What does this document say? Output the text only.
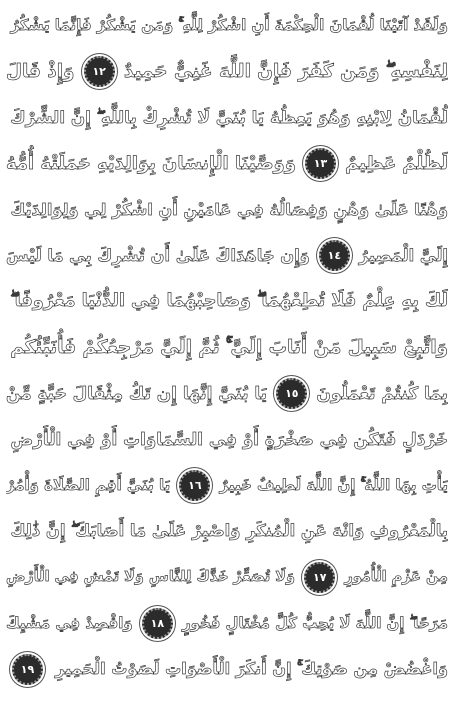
وَلَقَدْ آتَيْنَا لُقْمَانَ الْحِكْمَةَ أَنِ اشْكُرْ لِلَّهِ ۚ وَمَن يَشْكُرْ فَإِنَّمَا يَشْكُرُ
لِنَفْسِهِ ۖ وَمَن كَفَرَ فَإِنَّ اللَّهَ غَنِيٌّ حَمِيدٌ
١٢
وَإِذْ قَالَ
لُقْمَانُ لِابْنِهِ وَهُوَ يَعِظُهُ يَا بُنَيَّ لَا تُشْرِكْ بِاللَّهِ ۖ إِنَّ الشِّرْكَ
لَظُلْمٌ عَظِيمٌ
١٣
وَوَصَّيْنَا الْإِنسَانَ بِوَالِدَيْهِ حَمَلَتْهُ أُمُّهُ
وَهْنًا عَلَىٰ وَهْنٍ وَفِصَالُهُ فِي عَامَيْنِ أَنِ اشْكُرْ لِي وَلِوَالِدَيْكَ
إِلَيَّ الْمَصِيرُ
١٤
وَإِن جَاهَدَاكَ عَلَىٰ أَن تُشْرِكَ بِي مَا لَيْسَ
لَكَ بِهِ عِلْمٌ فَلَا تُطِعْهُمَا ۖ وَصَاحِبْهُمَا فِي الدُّنْيَا مَعْرُوفًا ۖ
وَاتَّبِعْ سَبِيلَ مَنْ أَنَابَ إِلَيَّ ۚ ثُمَّ إِلَيَّ مَرْجِعُكُمْ فَأُنَبِّئُكُم
بِمَا كُنتُمْ تَعْمَلُونَ
١٥
يَا بُنَيَّ إِنَّهَا إِن تَكُ مِثْقَالَ حَبَّةٍ مِّنْ
خَرْدَلٍ فَتَكُن فِي صَخْرَةٍ أَوْ فِي السَّمَاوَاتِ أَوْ فِي الْأَرْضِ
يَأْتِ بِهَا اللَّهُ ۚ إِنَّ اللَّهَ لَطِيفٌ خَبِيرٌ
١٦
يَا بُنَيَّ أَقِمِ الصَّلَاةَ وَأْمُرْ
بِالْمَعْرُوفِ وَانْهَ عَنِ الْمُنكَرِ وَاصْبِرْ عَلَىٰ مَا أَصَابَكَ ۖ إِنَّ ذَٰلِكَ
مِنْ عَزْمِ الْأُمُورِ
١٧
وَلَا تُصَعِّرْ خَدَّكَ لِلنَّاسِ وَلَا تَمْشِ فِي الْأَرْضِ
مَرَحًا ۖ إِنَّ اللَّهَ لَا يُحِبُّ كُلَّ مُخْتَالٍ فَخُورٍ
١٨
وَاقْصِدْ فِي مَشْيِكَ
وَاغْضُضْ مِن صَوْتِكَ ۚ إِنَّ أَنكَرَ الْأَصْوَاتِ لَصَوْتُ الْحَمِيرِ
١٩
